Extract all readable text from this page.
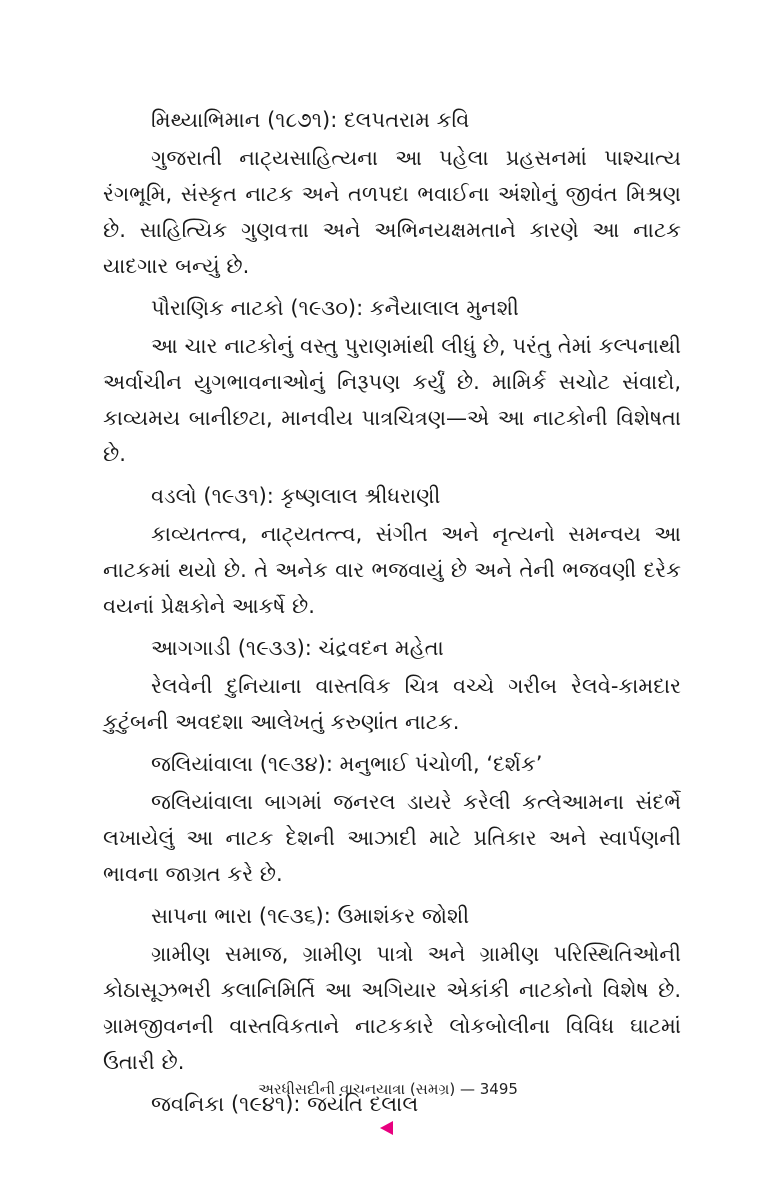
મિથ્યાભિમાન (૧૮૭૧): દલપતરામ કવિ

ગુજરાતી નાટ્યસાહિત્યના આ પહેલા પ્રહસનમાં પાશ્ચાત્ય રંગભૂમિ, સંસ્કૃત નાટક અને તળપદા ભવાઈના અંશોનું જીવંત મિશ્રણ છે. સાહિત્યિક ગુણવત્તા અને અભિનયક્ષમતાને કારણે આ નાટક યાદગાર બન્યું છે.

પૌરાણિક નાટકો (૧૯૩૦): કનૈયાલાલ મુનશી

આ ચાર નાટકોનું વસ્તુ પુરાણમાંથી લીધું છે, પરંતુ તેમાં કલ્પનાથી અર્વાચીન યુગભાવનાઓનું નિરૂપણ કર્યું છે. મામિર્ક સચોટ સંવાદો, કાવ્યમય બાનીછટા, માનવીય પાત્રચિત્રણ—એ આ નાટકોની વિશેષતા છે.

વડલો (૧૯૩૧): કૃષ્ણલાલ શ્રીધરાણી

કાવ્યતત્ત્વ, નાટ્યતત્ત્વ, સંગીત અને નૃત્યનો સમન્વય આ નાટકમાં થયો છે. તે અનેક વાર ભજવાયું છે અને તેની ભજવણી દરેક વયનાં પ્રેક્ષકોને આકર્ષે છે.

આગગાડી (૧૯૩૩): ચંદ્રવદન મહેતા

રેલવેની દુનિયાના વાસ્તવિક ચિત્ર વચ્ચે ગરીબ રેલવે-કામદાર કુટુંબની અવદશા આલેખતું કરુણાંત નાટક.

જલિયાંવાલા (૧૯૩૪): મનુભાઈ પંચોળી, ‘દર્શક’

જલિયાંવાલા બાગમાં જનરલ ડાયરે કરેલી કત્લેઆમના સંદર્ભે લખાયેલું આ નાટક દેશની આઝાદી માટે પ્રતિકાર અને સ્વાર્પણની ભાવના જાગ્રત કરે છે.

સાપના ભારા (૧૯૩૬): ઉમાશંકર જોશી

ગ્રામીણ સમાજ, ગ્રામીણ પાત્રો અને ગ્રામીણ પરિસ્થિતિઓની કોઠાસૂઝભરી કલાનિમિર્તિ આ અગિયાર એકાંકી નાટકોનો વિશેષ છે. ગ્રામજીવનની વાસ્તવિકતાને નાટકકારે લોકબોલીના વિવિધ ઘાટમાં ઉતારી છે.

જવનિકા (૧૯૪૧): જયંતિ દલાલ
અરધીસદીની વાચનયાત્રા (સમગ્ર) — 3495
